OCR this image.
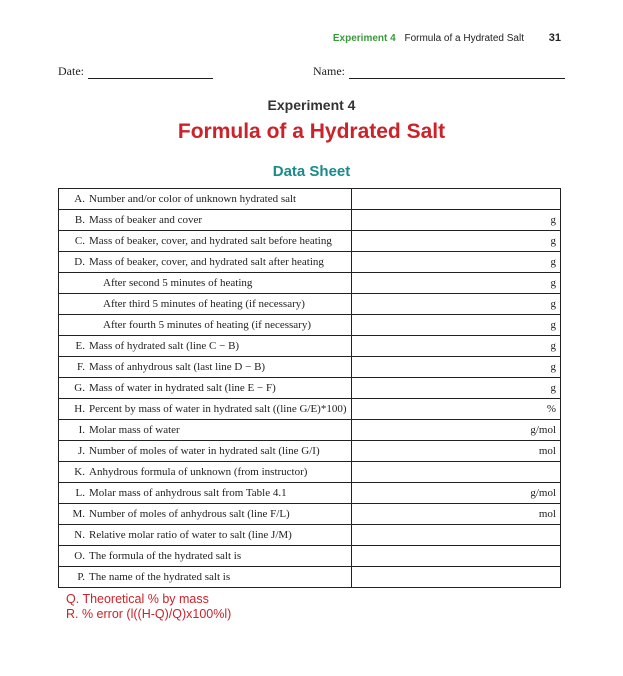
Experiment 4 Formula of a Hydrated Salt 31
Date:	Name:
Experiment 4
Formula of a Hydrated Salt
Data Sheet
A. Number and/or color of unknown hydrated salt	
B. Mass of beaker and cover	g
C. Mass of beaker, cover, and hydrated salt before heating	g
D. Mass of beaker, cover, and hydrated salt after heating	g
After second 5 minutes of heating	g
After third 5 minutes of heating (if necessary)	g
After fourth 5 minutes of heating (if necessary)	g
E. Mass of hydrated salt (line C − B)	g
F. Mass of anhydrous salt (last line D − B)	g
G. Mass of water in hydrated salt (line E − F)	g
H. Percent by mass of water in hydrated salt ((line G/E)*100)	%
I. Molar mass of water	g/mol
J. Number of moles of water in hydrated salt (line G/I)	mol
K. Anhydrous formula of unknown (from instructor)	
L. Molar mass of anhydrous salt from Table 4.1	g/mol
M. Number of moles of anhydrous salt (line F/L)	mol
N. Relative molar ratio of water to salt (line J/M)	
O. The formula of the hydrated salt is	
P. The name of the hydrated salt is	
Q. Theoretical % by mass
R. % error (l((H-Q)/Q)x100%l)
